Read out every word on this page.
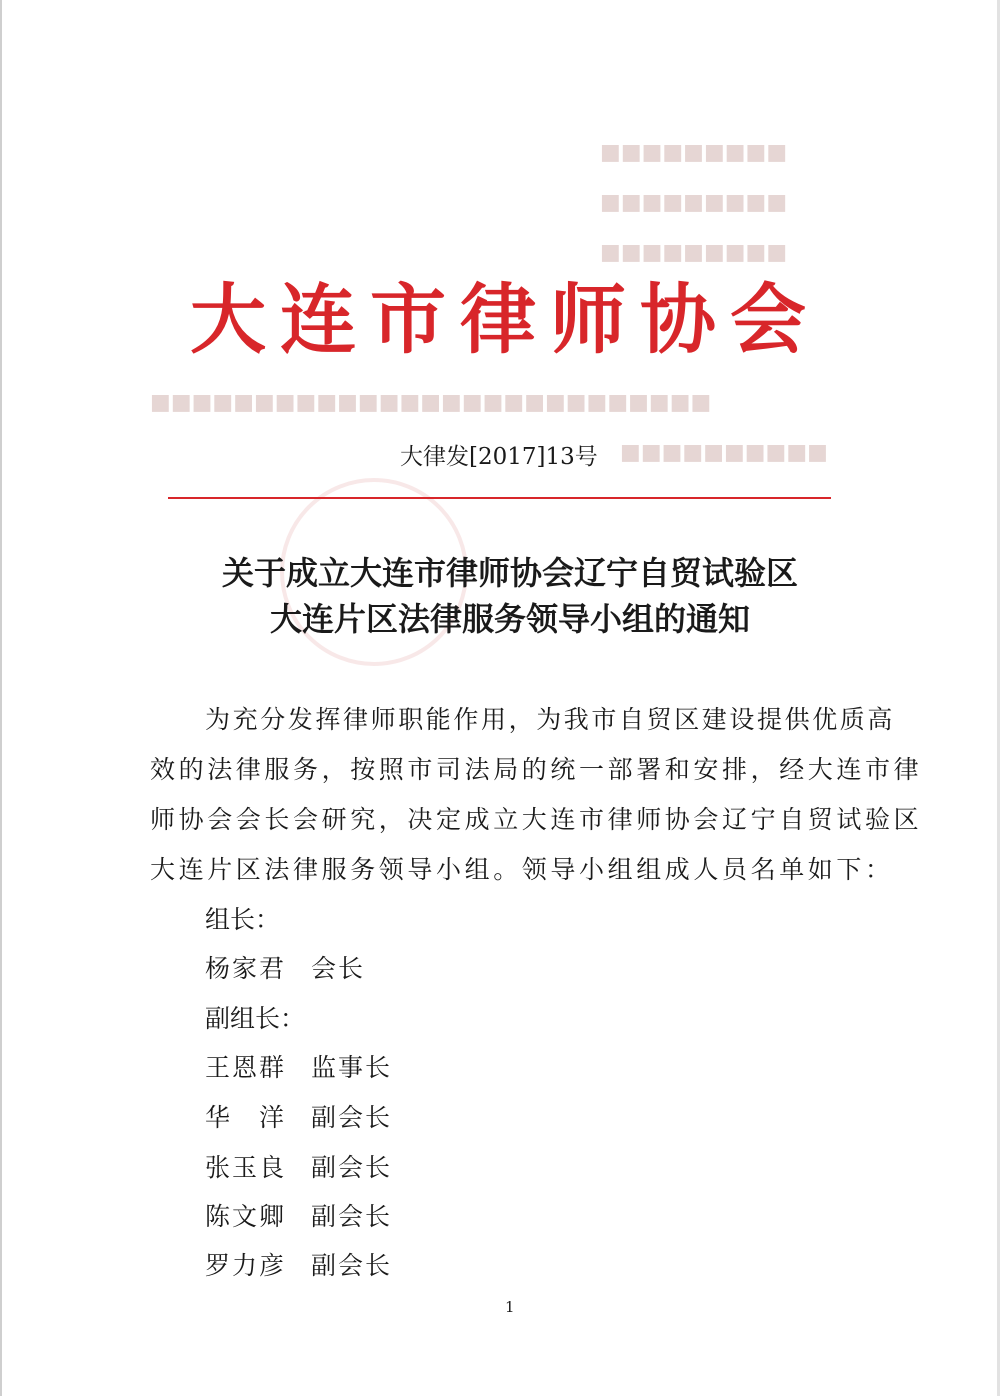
■■■■■■■■■
■■■■■■■■■
■■■■■■■■■
■■■■■■■■■■■■■■■■■■■■■■■■■■■
■■■■■■■■■■
大连市律师协会
大律发[2017]13号
关于成立大连市律师协会辽宁自贸试验区
大连片区法律服务领导小组的通知
为充分发挥律师职能作用，为我市自贸区建设提供优质高
效的法律服务，按照市司法局的统一部署和安排，经大连市律
师协会会长会研究，决定成立大连市律师协会辽宁自贸试验区
大连片区法律服务领导小组。领导小组组成人员名单如下：
组长：
杨家君 会长
副组长：
王恩群 监事长
华　洋 副会长
张玉良 副会长
陈文卿 副会长
罗力彦 副会长
1
